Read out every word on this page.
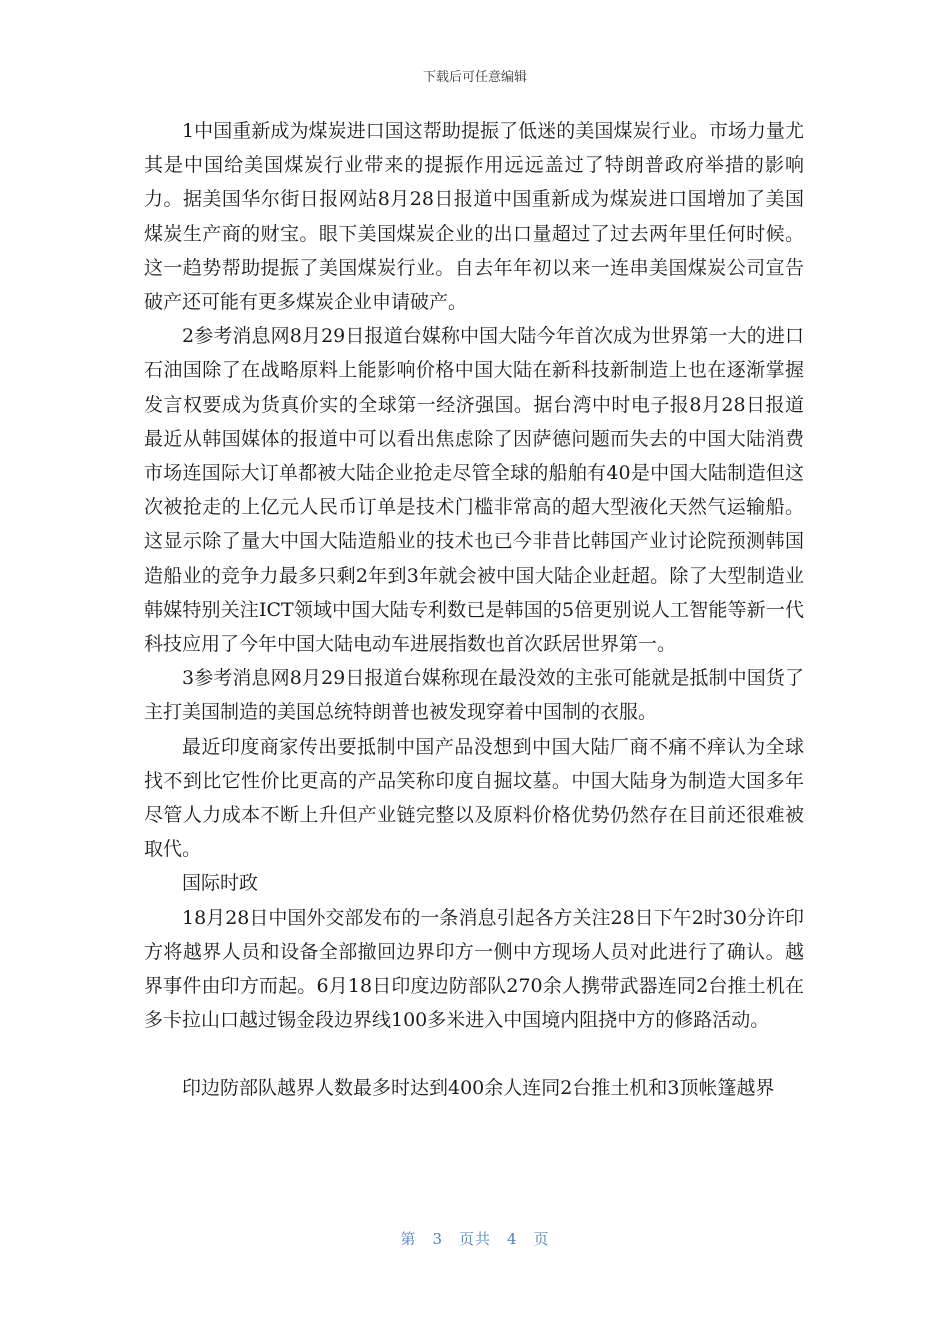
下载后可任意编辑

1中国重新成为煤炭进口国这帮助提振了低迷的美国煤炭行业。市场力量尤其是中国给美国煤炭行业带来的提振作用远远盖过了特朗普政府举措的影响力。据美国华尔街日报网站8月28日报道中国重新成为煤炭进口国增加了美国煤炭生产商的财宝。眼下美国煤炭企业的出口量超过了过去两年里任何时候。这一趋势帮助提振了美国煤炭行业。自去年年初以来一连串美国煤炭公司宣告破产还可能有更多煤炭企业申请破产。

2参考消息网8月29日报道台媒称中国大陆今年首次成为世界第一大的进口石油国除了在战略原料上能影响价格中国大陆在新科技新制造上也在逐渐掌握发言权要成为货真价实的全球第一经济强国。据台湾中时电子报8月28日报道最近从韩国媒体的报道中可以看出焦虑除了因萨德问题而失去的中国大陆消费市场连国际大订单都被大陆企业抢走尽管全球的船舶有40是中国大陆制造但这次被抢走的上亿元人民币订单是技术门槛非常高的超大型液化天然气运输船。这显示除了量大中国大陆造船业的技术也已今非昔比韩国产业讨论院预测韩国造船业的竞争力最多只剩2年到3年就会被中国大陆企业赶超。除了大型制造业韩媒特别关注ICT领域中国大陆专利数已是韩国的5倍更别说人工智能等新一代科技应用了今年中国大陆电动车进展指数也首次跃居世界第一。

3参考消息网8月29日报道台媒称现在最没效的主张可能就是抵制中国货了主打美国制造的美国总统特朗普也被发现穿着中国制的衣服。

最近印度商家传出要抵制中国产品没想到中国大陆厂商不痛不痒认为全球找不到比它性价比更高的产品笑称印度自掘坟墓。中国大陆身为制造大国多年尽管人力成本不断上升但产业链完整以及原料价格优势仍然存在目前还很难被取代。

国际时政

18月28日中国外交部发布的一条消息引起各方关注28日下午2时30分许印方将越界人员和设备全部撤回边界印方一侧中方现场人员对此进行了确认。越界事件由印方而起。6月18日印度边防部队270余人携带武器连同2台推土机在多卡拉山口越过锡金段边界线100多米进入中国境内阻挠中方的修路活动。

印边防部队越界人数最多时达到400余人连同2台推土机和3顶帐篷越界

第 3 页共 4 页
